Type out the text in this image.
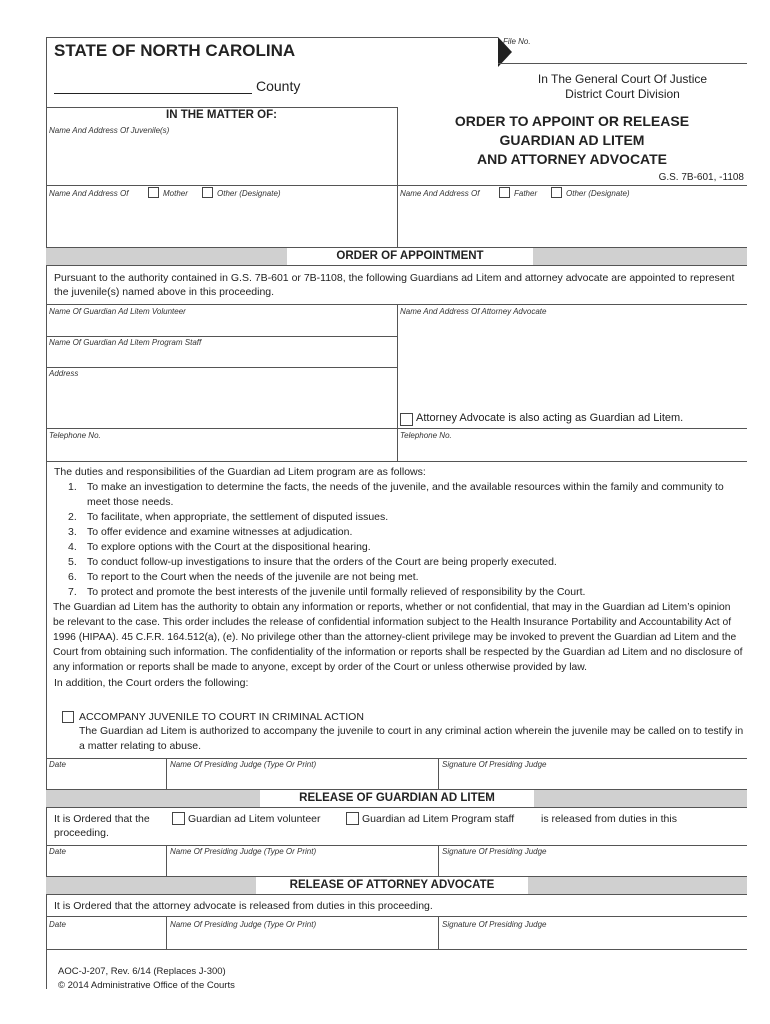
STATE OF NORTH CAROLINA
County
File No.
In The General Court Of Justice
District Court Division
IN THE MATTER OF:
Name And Address Of Juvenile(s)
ORDER TO APPOINT OR RELEASE
GUARDIAN AD LITEM
AND ATTORNEY ADVOCATE
G.S. 7B-601, -1108
Name And Address Of	Mother	Other (Designate)	Name And Address Of	Father	Other (Designate)
ORDER OF APPOINTMENT
Pursuant to the authority contained in G.S. 7B-601 or 7B-1108, the following Guardians ad Litem and attorney advocate are appointed to represent the juvenile(s) named above in this proceeding.
Name Of Guardian Ad Litem Volunteer	Name And Address Of Attorney Advocate
Name Of Guardian Ad Litem Program Staff
Address
Attorney Advocate is also acting as Guardian ad Litem.
Telephone No.	Telephone No.
The duties and responsibilities of the Guardian ad Litem program are as follows:
1. To make an investigation to determine the facts, the needs of the juvenile, and the available resources within the family and community to meet those needs.
2. To facilitate, when appropriate, the settlement of disputed issues.
3. To offer evidence and examine witnesses at adjudication.
4. To explore options with the Court at the dispositional hearing.
5. To conduct follow-up investigations to insure that the orders of the Court are being properly executed.
6. To report to the Court when the needs of the juvenile are not being met.
7. To protect and promote the best interests of the juvenile until formally relieved of responsibility by the Court.
The Guardian ad Litem has the authority to obtain any information or reports, whether or not confidential, that may in the Guardian ad Litem’s opinion be relevant to the case. This order includes the release of confidential information subject to the Health Insurance Portability and Accountability Act of 1996 (HIPAA). 45 C.F.R. 164.512(a), (e). No privilege other than the attorney-client privilege may be invoked to prevent the Guardian ad Litem and the Court from obtaining such information. The confidentiality of the information or reports shall be respected by the Guardian ad Litem and no disclosure of any information or reports shall be made to anyone, except by order of the Court or unless otherwise provided by law.
In addition, the Court orders the following:
ACCOMPANY JUVENILE TO COURT IN CRIMINAL ACTION
The Guardian ad Litem is authorized to accompany the juvenile to court in any criminal action wherein the juvenile may be called on to testify in a matter relating to abuse.
Date	Name Of Presiding Judge (Type Or Print)	Signature Of Presiding Judge
RELEASE OF GUARDIAN AD LITEM
It is Ordered that the
proceeding.
Guardian ad Litem volunteer	Guardian ad Litem Program staff	is released from duties in this
Date	Name Of Presiding Judge (Type Or Print)	Signature Of Presiding Judge
RELEASE OF ATTORNEY ADVOCATE
It is Ordered that the attorney advocate is released from duties in this proceeding.
Date	Name Of Presiding Judge (Type Or Print)	Signature Of Presiding Judge
AOC-J-207, Rev. 6/14 (Replaces J-300)
© 2014 Administrative Office of the Courts
